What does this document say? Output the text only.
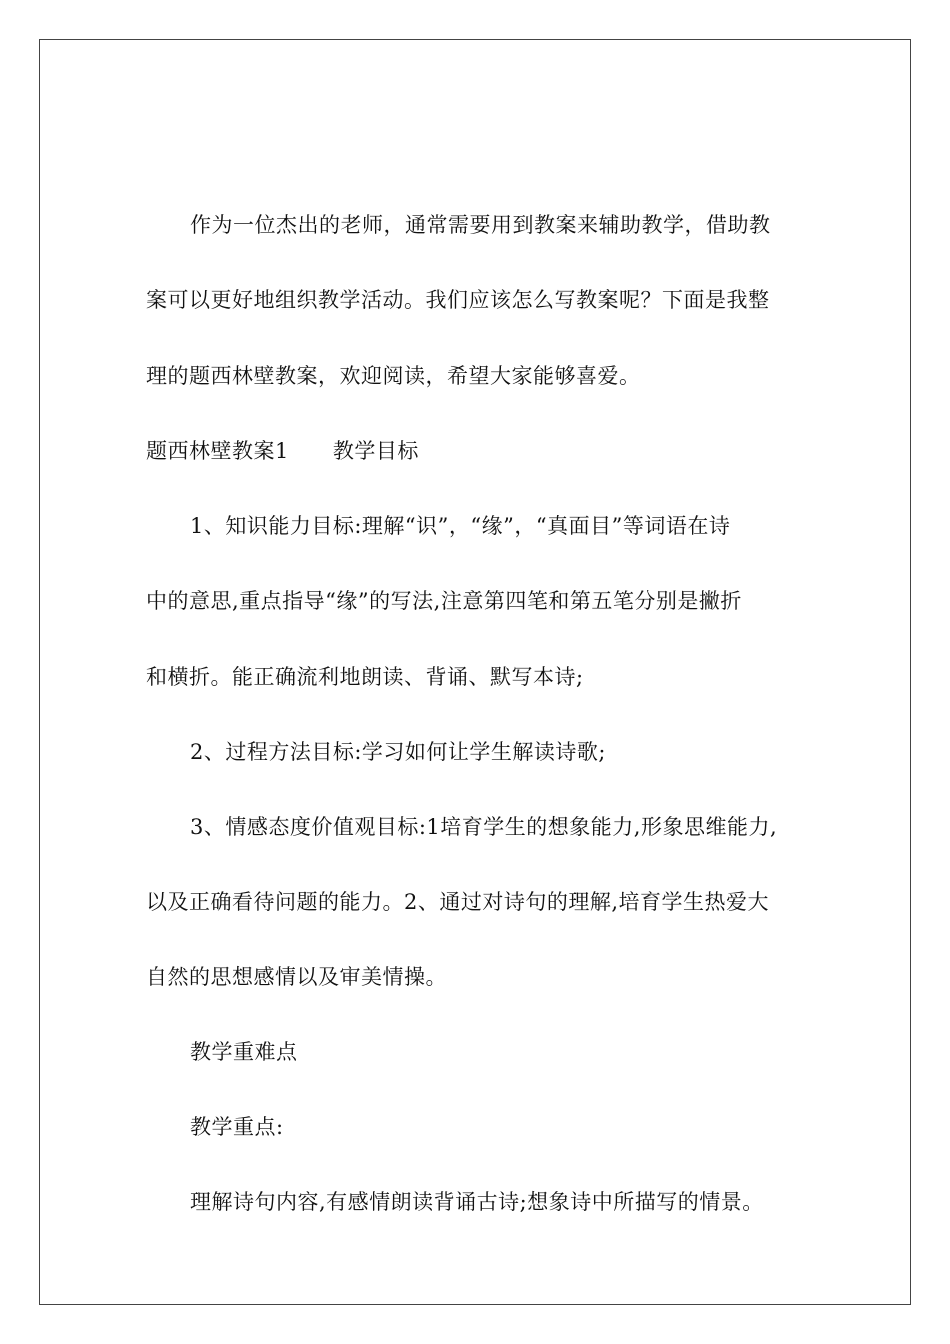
作为一位杰出的老师，通常需要用到教案来辅助教学，借助教
案可以更好地组织教学活动。我们应该怎么写教案呢？下面是我整
理的题西林壁教案，欢迎阅读，希望大家能够喜爱。
题西林壁教案1 教学目标
1、知识能力目标:理解“识”，“缘”，“真面目”等词语在诗
中的意思,重点指导“缘”的写法,注意第四笔和第五笔分别是撇折
和横折。能正确流利地朗读、背诵、默写本诗;
2、过程方法目标:学习如何让学生解读诗歌;
3、情感态度价值观目标:1培育学生的想象能力,形象思维能力,
以及正确看待问题的能力。2、通过对诗句的理解,培育学生热爱大
自然的思想感情以及审美情操。
教学重难点
教学重点:
理解诗句内容,有感情朗读背诵古诗;想象诗中所描写的情景。
